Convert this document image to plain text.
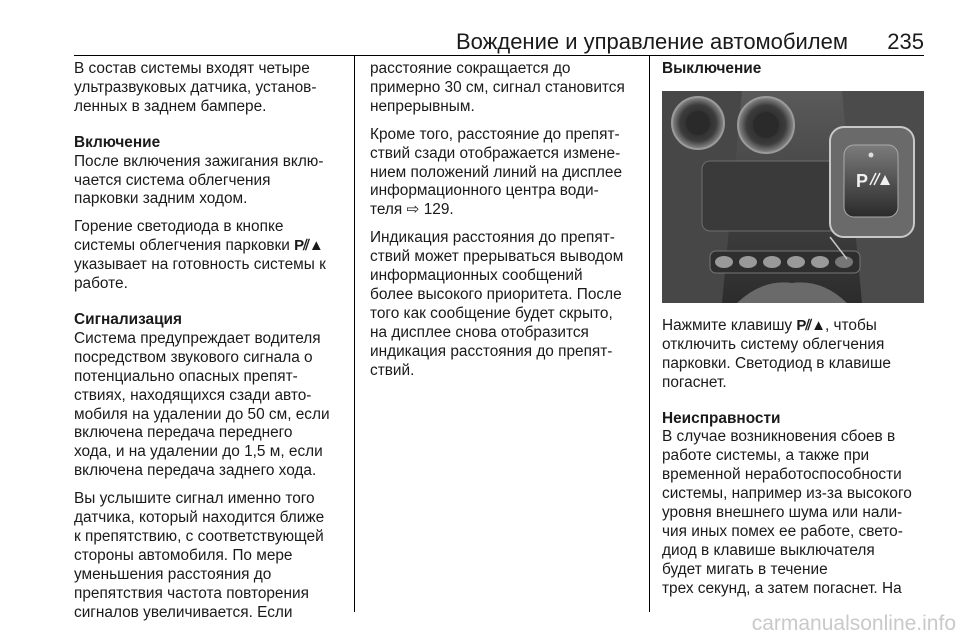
Вождение и управление автомобилем 235

В состав системы входят четыре
ультразвуковых датчика, установ-
ленных в заднем бампере.

Включение

После включения зажигания вклю-
чается система облегчения
парковки задним ходом.

Горение светодиода в кнопке
системы облегчения парковки P⫽▲
указывает на готовность системы к
работе.

Сигнализация

Система предупреждает водителя
посредством звукового сигнала о
потенциально опасных препят-
ствиях, находящихся сзади авто-
мобиля на удалении до 50 см, если
включена передача переднего
хода, и на удалении до 1,5 м, если
включена передача заднего хода.

Вы услышите сигнал именно того
датчика, который находится ближе
к препятствию, с соответствующей
стороны автомобиля. По мере
уменьшения расстояния до
препятствия частота повторения
сигналов увеличивается. Если

расстояние сокращается до
примерно 30 см, сигнал становится
непрерывным.

Кроме того, расстояние до препят-
ствий сзади отображается измене-
нием положений линий на дисплее
информационного центра води-
теля ⇨ 129.

Индикация расстояния до препят-
ствий может прерываться выводом
информационных сообщений
более высокого приоритета. После
того как сообщение будет скрыто,
на дисплее снова отобразится
индикация расстояния до препят-
ствий.

Выключение
P

Нажмите клавишу P⫽▲, чтобы
отключить систему облегчения
парковки. Светодиод в клавише
погаснет.

Неисправности

В случае возникновения сбоев в
работе системы, а также при
временной неработоспособности
системы, например из-за высокого
уровня внешнего шума или нали-
чия иных помех ее работе, свето-
диод в клавише выключателя
будет мигать в течение
трех секунд, а затем погаснет. На

carmanualsonline.info
